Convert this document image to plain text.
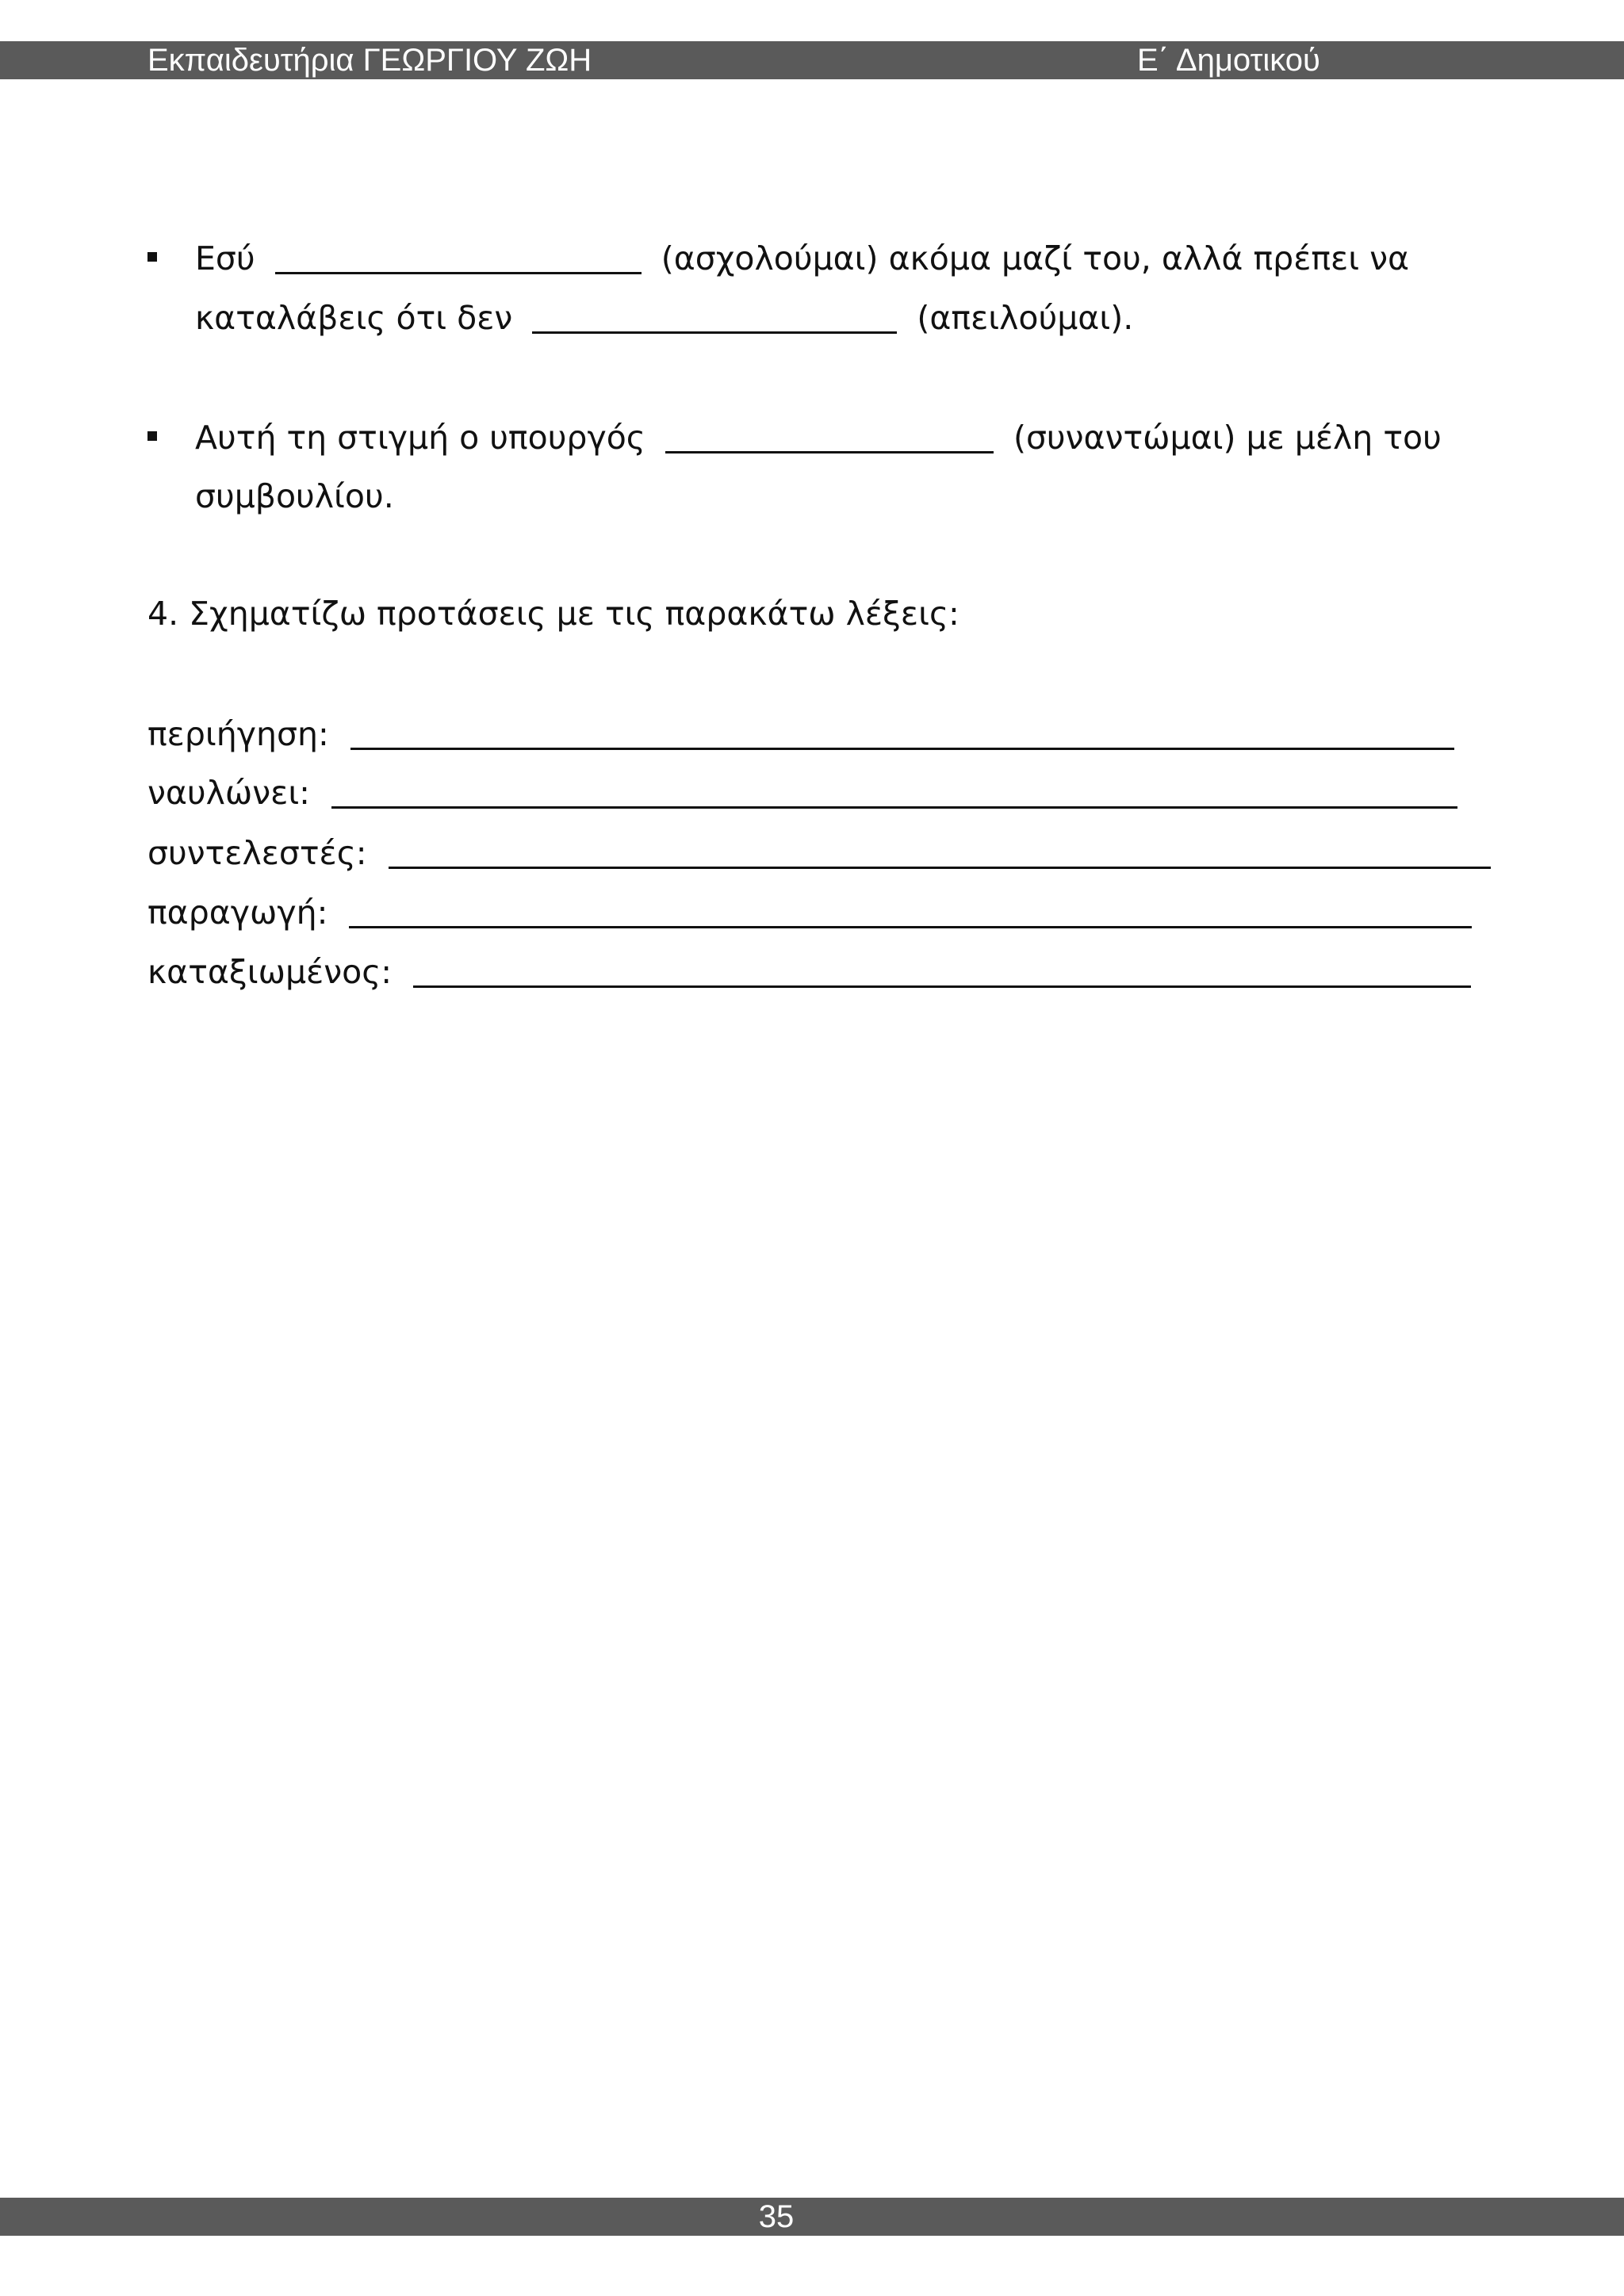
Εκπαιδευτήρια ΓΕΩΡΓΙΟΥ ΖΩΗ	Ε΄ Δημοτικού
Εσύ	(ασχολούμαι) ακόμα μαζί του, αλλά πρέπει να
καταλάβεις ότι δεν	(απειλούμαι).
Αυτή τη στιγμή ο υπουργός	(συναντώμαι) με μέλη του
συμβουλίου.
4. Σχηματίζω προτάσεις με τις παρακάτω λέξεις:
περιήγηση:
ναυλώνει:
συντελεστές:
παραγωγή:
καταξιωμένος:
35
